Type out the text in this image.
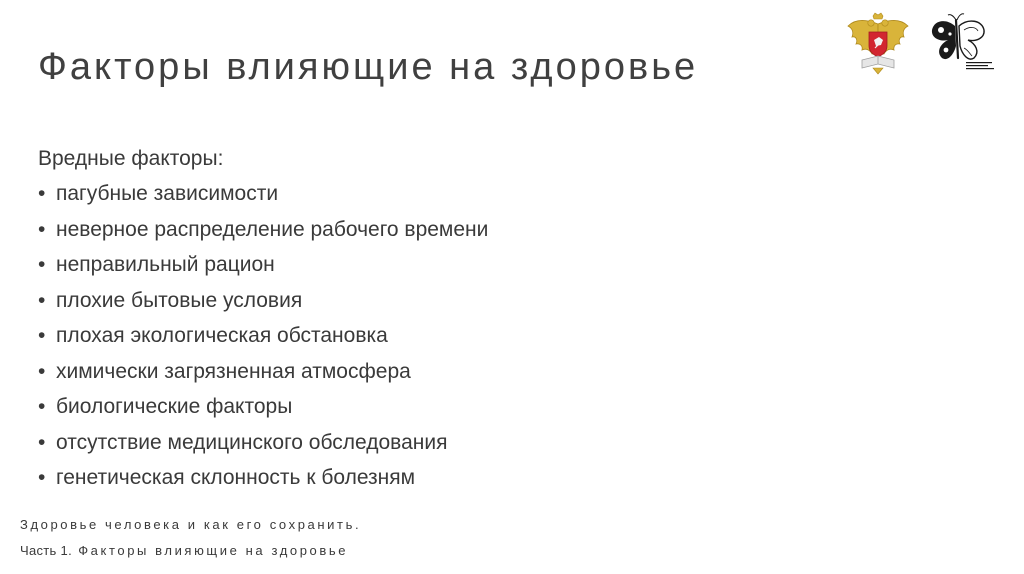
Факторы влияющие на здоровье

Вредные факторы:

• пагубные зависимости
• неверное распределение рабочего времени
• неправильный рацион
• плохие бытовые условия
• плохая экологическая обстановка
• химически загрязненная атмосфера
• биологические факторы
• отсутствие медицинского обследования
• генетическая склонность к болезням
Здоровье человека и как его сохранить.
Часть 1. Факторы влияющие на здоровье
